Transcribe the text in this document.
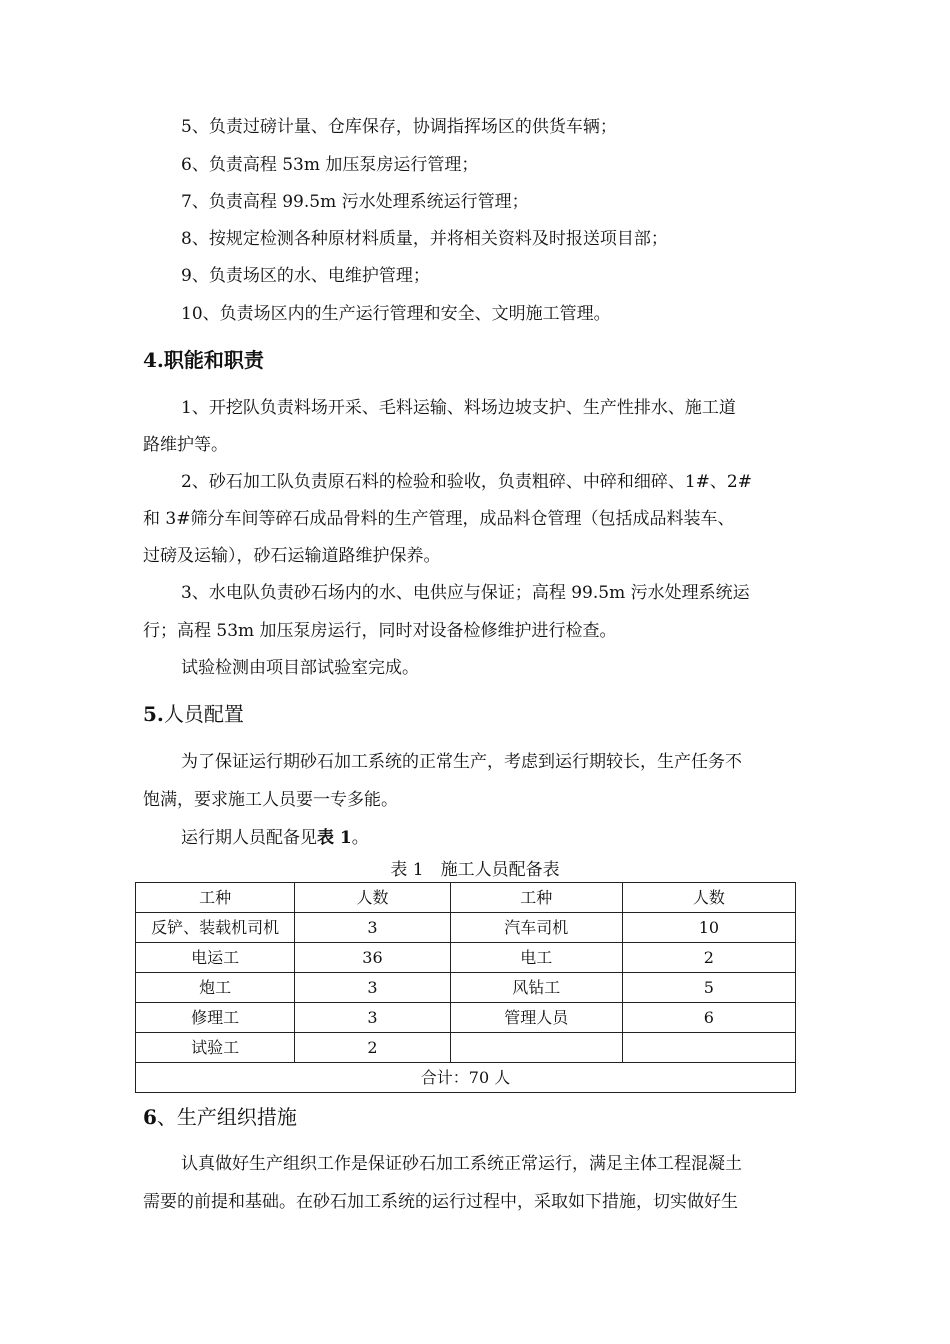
5、负责过磅计量、仓库保存，协调指挥场区的供货车辆；
6、负责高程 53m 加压泵房运行管理；
7、负责高程 99.5m 污水处理系统运行管理；
8、按规定检测各种原材料质量，并将相关资料及时报送项目部；
9、负责场区的水、电维护管理；
10、负责场区内的生产运行管理和安全、文明施工管理。
4.职能和职责
1、开挖队负责料场开采、毛料运输、料场边坡支护、生产性排水、施工道
路维护等。
2、砂石加工队负责原石料的检验和验收，负责粗碎、中碎和细碎、1#、2#
和 3#筛分车间等碎石成品骨料的生产管理，成品料仓管理（包括成品料装车、
过磅及运输），砂石运输道路维护保养。
3、水电队负责砂石场内的水、电供应与保证；高程 99.5m 污水处理系统运
行；高程 53m 加压泵房运行，同时对设备检修维护进行检查。
试验检测由项目部试验室完成。
5.人员配置
为了保证运行期砂石加工系统的正常生产，考虑到运行期较长，生产任务不
饱满，要求施工人员要一专多能。
运行期人员配备见表 1。
表 1　施工人员配备表
工种	人数	工种	人数
反铲、装载机司机	3	汽车司机	10
电运工	36	电工	2
炮工	3	风钻工	5
修理工	3	管理人员	6
试验工	2		
合计：70 人			
6、生产组织措施
认真做好生产组织工作是保证砂石加工系统正常运行，满足主体工程混凝土
需要的前提和基础。在砂石加工系统的运行过程中，采取如下措施，切实做好生
